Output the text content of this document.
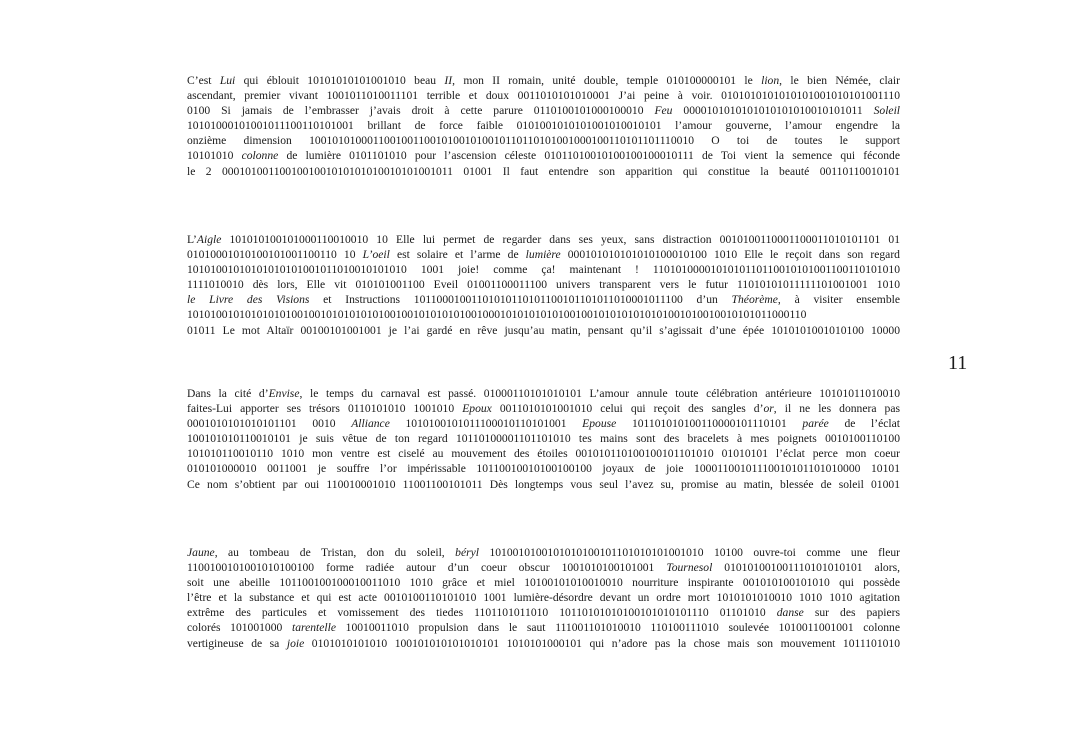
C’est Lui qui éblouit 10101010101001010 beau II, mon II romain, unité double, temple 010100000101 le lion, le bien Némée, clair
ascendant, premier vivant 1001011010011101 terrible et doux 0011010101010001 J’ai peine à voir. 0101010101010101001010101001110
0100 Si jamais de l’embrasser j’avais droit à cette parure 0110100101000100010 Feu 0000101010101010101010010101011 Soleil
10101000101001011100110101001 brillant de force faible 0101001010101001010010101 l’amour gouverne, l’amour engendre la
onzième dimension 1001010100011001001100101001010010110110101001000100110101101110010 O toi de toutes le support
10101010 colonne de lumière 0101101010 pour l’ascension céleste 01011010010100100100010111 de Toi vient la semence qui féconde
le 2 0001010011001001001010101010010101001011 01001 Il faut entendre son apparition qui constitue la beauté 00110110010101
L’Aigle 101010100101000110010010 10 Elle lui permet de regarder dans ses yeux, sans distraction 0010100110001100011010101101 01
01010001010100101001100110 10 L’oeil est solaire et l’arme de lumière 000101010101010100010100 1010 Elle le reçoit dans son regard
10101001010101010101001011010010101010 1001 joie! comme ça! maintenant ! 1101010000101010110110010101001100110101010
1111010010 dès lors, Elle vit 010101001100 Eveil 01001100011100 univers transparent vers le futur 11010101011111101001001 1010
le Livre des Visions et Instructions 10110001001101010110101100101101011010001011100 d’un Théorème, à visiter ensemble
10101001010101010100100101010101010010010101010100100010101010101001001010101010101001010010010101011000110
01011 Le mot Altaïr 00100101001001 je l’ai gardé en rêve jusqu’au matin, pensant qu’il s’agissait d’une épée 1010101001010100 10000
Dans la cité d’Envise, le temps du carnaval est passé. 01000110101010101 L’amour annule toute célébration antérieure 10101011010010
faites-Lui apporter ses trésors 0110101010 1001010 Epoux 0011010101001010 celui qui reçoit des sangles d’or, il ne les donnera pas
0001010101010101101 0010 Alliance 1010100101011100010110101001 Epouse 101101010100110000101110101 parée de l’éclat
100101010110010101 je suis vêtue de ton regard 10110100001101101010 tes mains sont des bracelets à mes poignets 0010100110100
101010110010110 1010 mon ventre est ciselé au mouvement des étoiles 001010110100100101101010 01010101 l’éclat perce mon coeur
010101000010 0011001 je souffre l’or impérissable 10110010010100100100 joyaux de joie 10001100101110010101101010000 10101
Ce nom s’obtient par oui 110010001010 11001100101011 Dès longtemps vous seul l’avez su, promise au matin, blessée de soleil 01001
Jaune, au tombeau de Tristan, don du soleil, béryl 1010010100101010100101101010101001010 10100 ouvre-toi comme une fleur
1100100101001010100100 forme radiée autour d’un coeur obscur 1001010100101001 Tournesol 010101001001110101010101 alors,
soit une abeille 101100100100010011010 1010 grâce et miel 10100101010010010 nourriture inspirante 001010100101010 qui possède
l’être et la substance et qui est acte 0010100110101010 1001 lumière-désordre devant un ordre mort 1010101010010 1010 1010 agitation
extrême des particules et vomissement des tiedes 1101101011010 10110101010100101010101110 01101010 danse sur des papiers
colorés 101001000 tarentelle 10010011010 propulsion dans le saut 111001101010010 110100111010 soulevée 1010011001001 colonne
vertigineuse de sa joie 0101010101010 100101010101010101 1010101000101 qui n’adore pas la chose mais son mouvement 1011101010
11
